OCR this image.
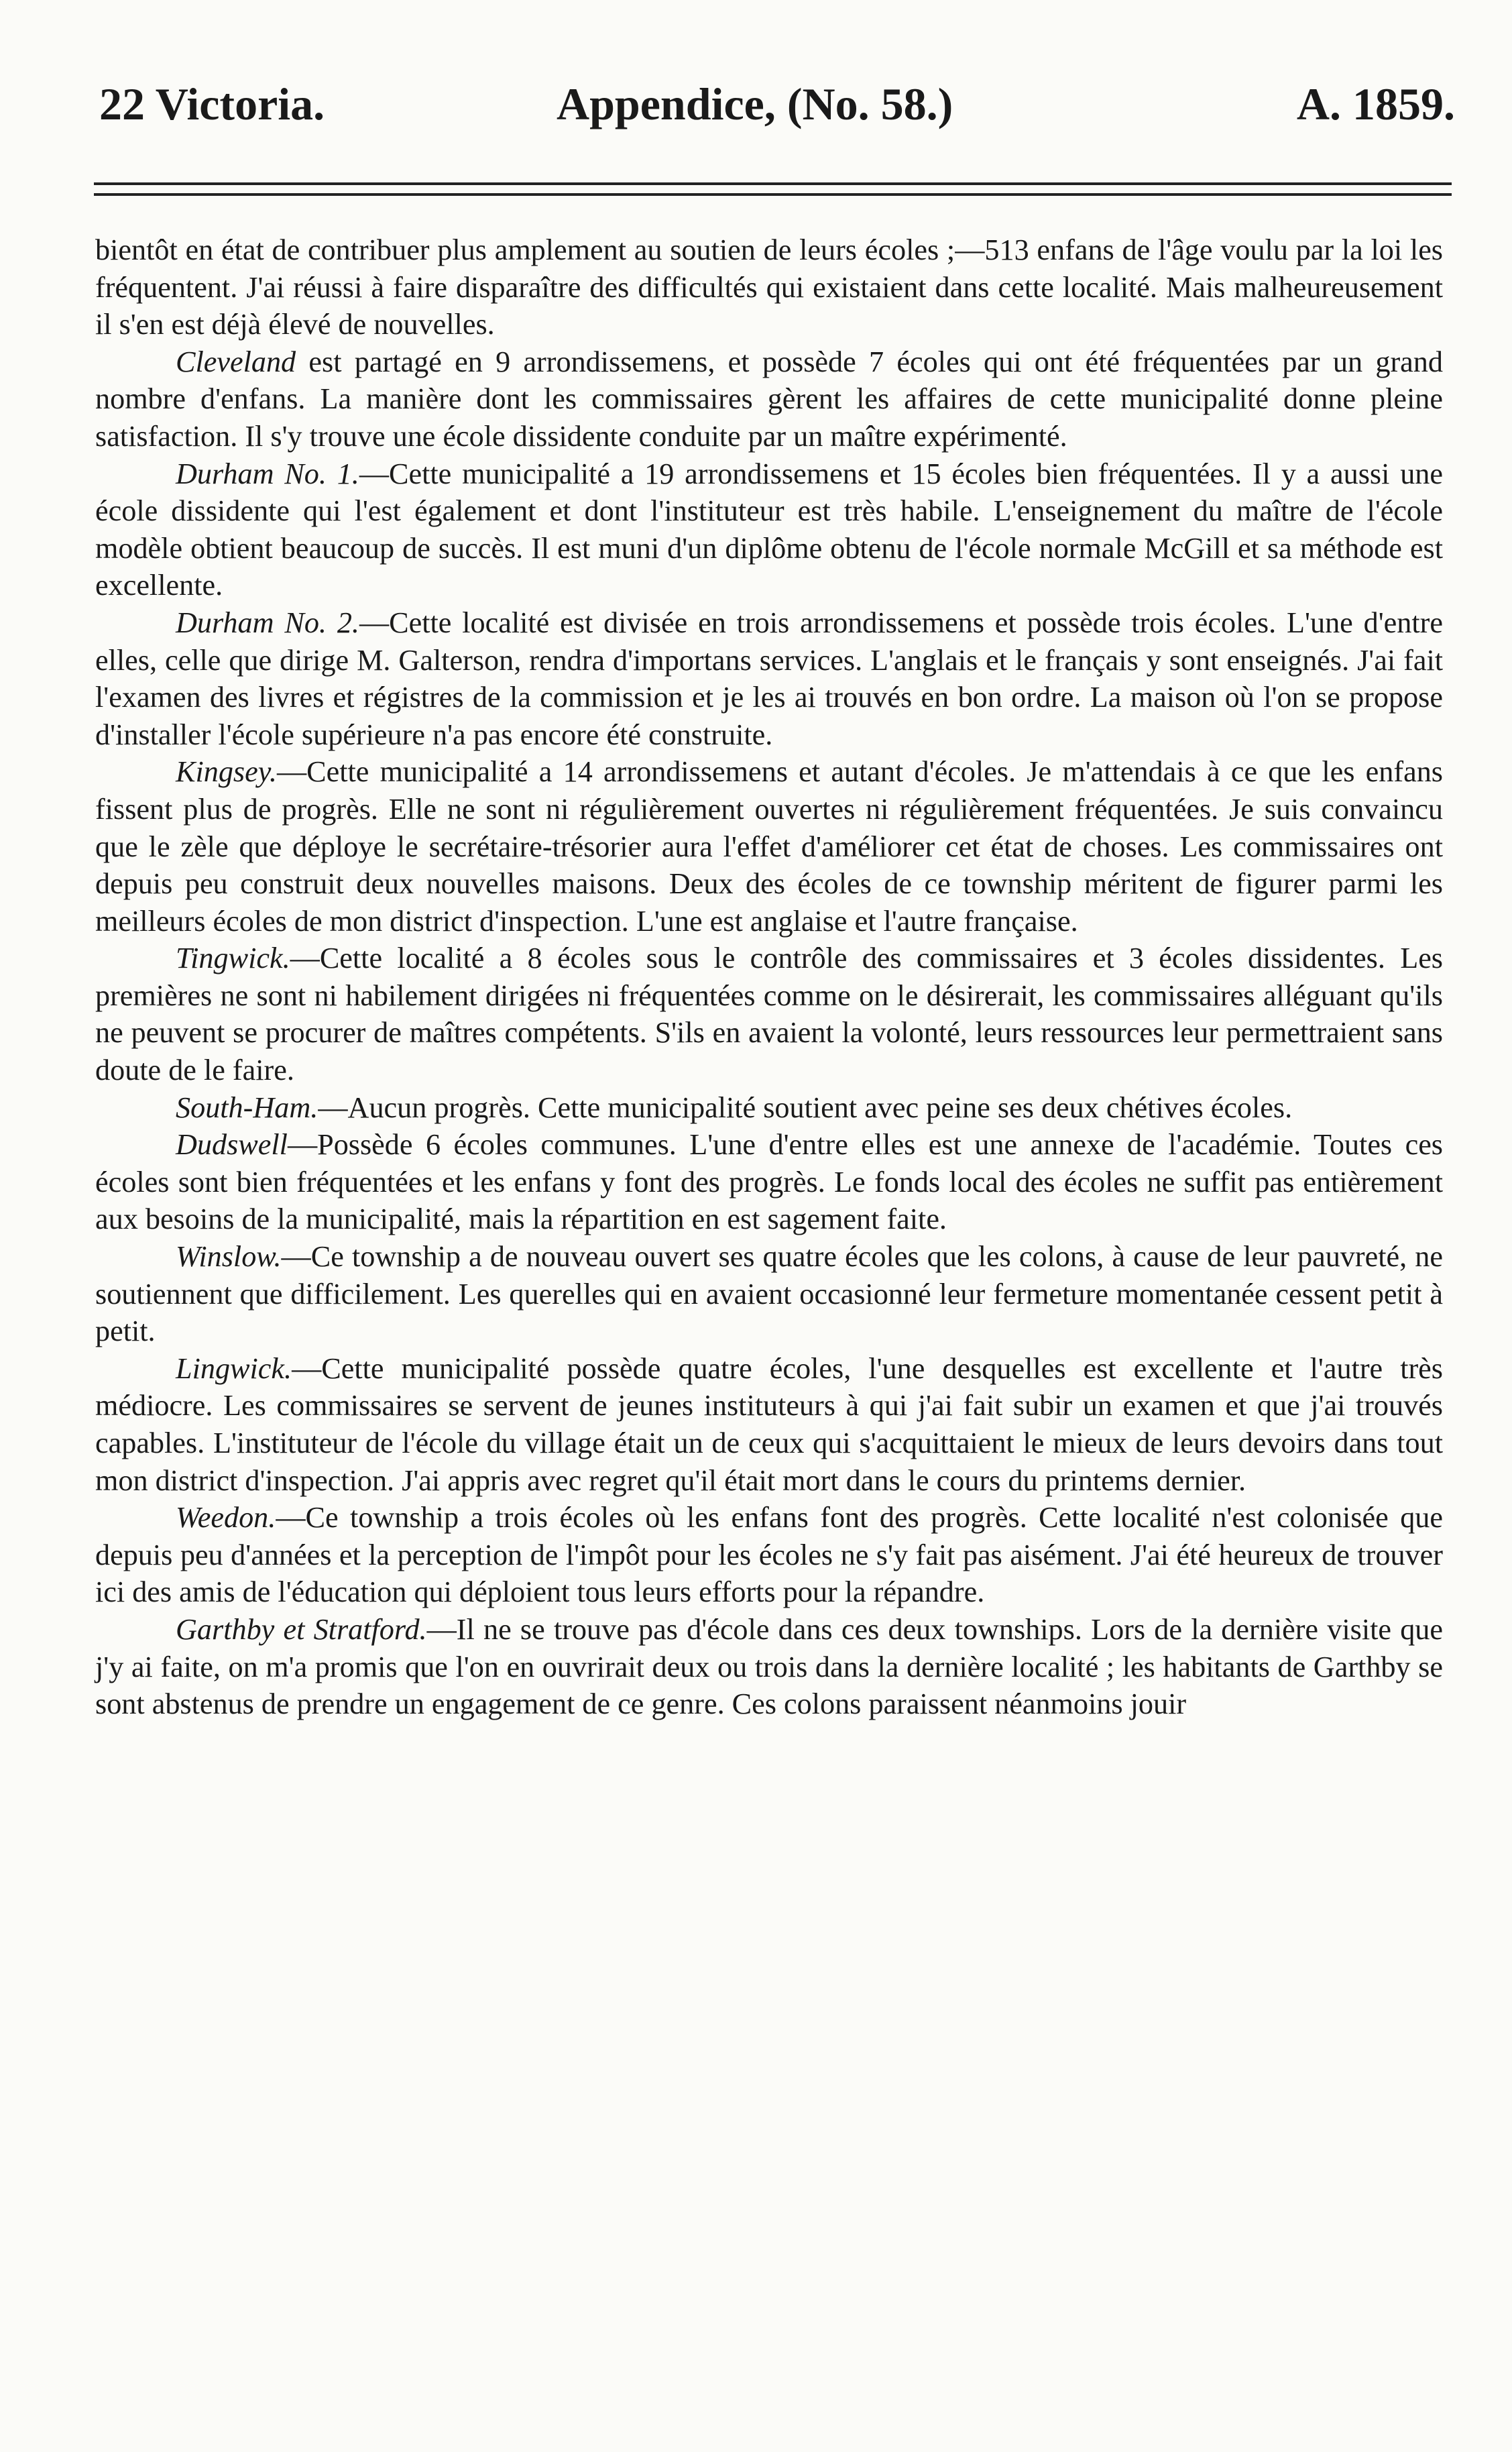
22 Victoria.	Appendice, (No. 58.)	A. 1859.

bientôt en état de contribuer plus amplement au soutien de leurs écoles ;—513 enfans de l'âge voulu par la loi les fréquentent. J'ai réussi à faire disparaître des difficultés qui existaient dans cette localité. Mais malheureusement il s'en est déjà élevé de nouvelles.

Cleveland est partagé en 9 arrondissemens, et possède 7 écoles qui ont été fréquentées par un grand nombre d'enfans. La manière dont les commissaires gèrent les affaires de cette municipalité donne pleine satisfaction. Il s'y trouve une école dissidente conduite par un maître expérimenté.

Durham No. 1.—Cette municipalité a 19 arrondissemens et 15 écoles bien fréquentées. Il y a aussi une école dissidente qui l'est également et dont l'instituteur est très habile. L'enseignement du maître de l'école modèle obtient beaucoup de succès. Il est muni d'un diplôme obtenu de l'école normale McGill et sa méthode est excellente.

Durham No. 2.—Cette localité est divisée en trois arrondissemens et possède trois écoles. L'une d'entre elles, celle que dirige M. Galterson, rendra d'importans services. L'anglais et le français y sont enseignés. J'ai fait l'examen des livres et régistres de la commission et je les ai trouvés en bon ordre. La maison où l'on se propose d'installer l'école supérieure n'a pas encore été construite.

Kingsey.—Cette municipalité a 14 arrondissemens et autant d'écoles. Je m'attendais à ce que les enfans fissent plus de progrès. Elle ne sont ni régulièrement ouvertes ni régulièrement fréquentées. Je suis convaincu que le zèle que déploye le secrétaire-trésorier aura l'effet d'améliorer cet état de choses. Les commissaires ont depuis peu construit deux nouvelles maisons. Deux des écoles de ce township méritent de figurer parmi les meilleurs écoles de mon district d'inspection. L'une est anglaise et l'autre française.

Tingwick.—Cette localité a 8 écoles sous le contrôle des commissaires et 3 écoles dissidentes. Les premières ne sont ni habilement dirigées ni fréquentées comme on le désirerait, les commissaires alléguant qu'ils ne peuvent se procurer de maîtres compétents. S'ils en avaient la volonté, leurs ressources leur permettraient sans doute de le faire.

South-Ham.—Aucun progrès. Cette municipalité soutient avec peine ses deux chétives écoles.

Dudswell—Possède 6 écoles communes. L'une d'entre elles est une annexe de l'académie. Toutes ces écoles sont bien fréquentées et les enfans y font des progrès. Le fonds local des écoles ne suffit pas entièrement aux besoins de la municipalité, mais la répartition en est sagement faite.

Winslow.—Ce township a de nouveau ouvert ses quatre écoles que les colons, à cause de leur pauvreté, ne soutiennent que difficilement. Les querelles qui en avaient occasionné leur fermeture momentanée cessent petit à petit.

Lingwick.—Cette municipalité possède quatre écoles, l'une desquelles est excellente et l'autre très médiocre. Les commissaires se servent de jeunes instituteurs à qui j'ai fait subir un examen et que j'ai trouvés capables. L'instituteur de l'école du village était un de ceux qui s'acquittaient le mieux de leurs devoirs dans tout mon district d'inspection. J'ai appris avec regret qu'il était mort dans le cours du printems dernier.

Weedon.—Ce township a trois écoles où les enfans font des progrès. Cette localité n'est colonisée que depuis peu d'années et la perception de l'impôt pour les écoles ne s'y fait pas aisément. J'ai été heureux de trouver ici des amis de l'éducation qui déploient tous leurs efforts pour la répandre.

Garthby et Stratford.—Il ne se trouve pas d'école dans ces deux townships. Lors de la dernière visite que j'y ai faite, on m'a promis que l'on en ouvrirait deux ou trois dans la dernière localité ; les habitants de Garthby se sont abstenus de prendre un engagement de ce genre. Ces colons paraissent néanmoins jouir
